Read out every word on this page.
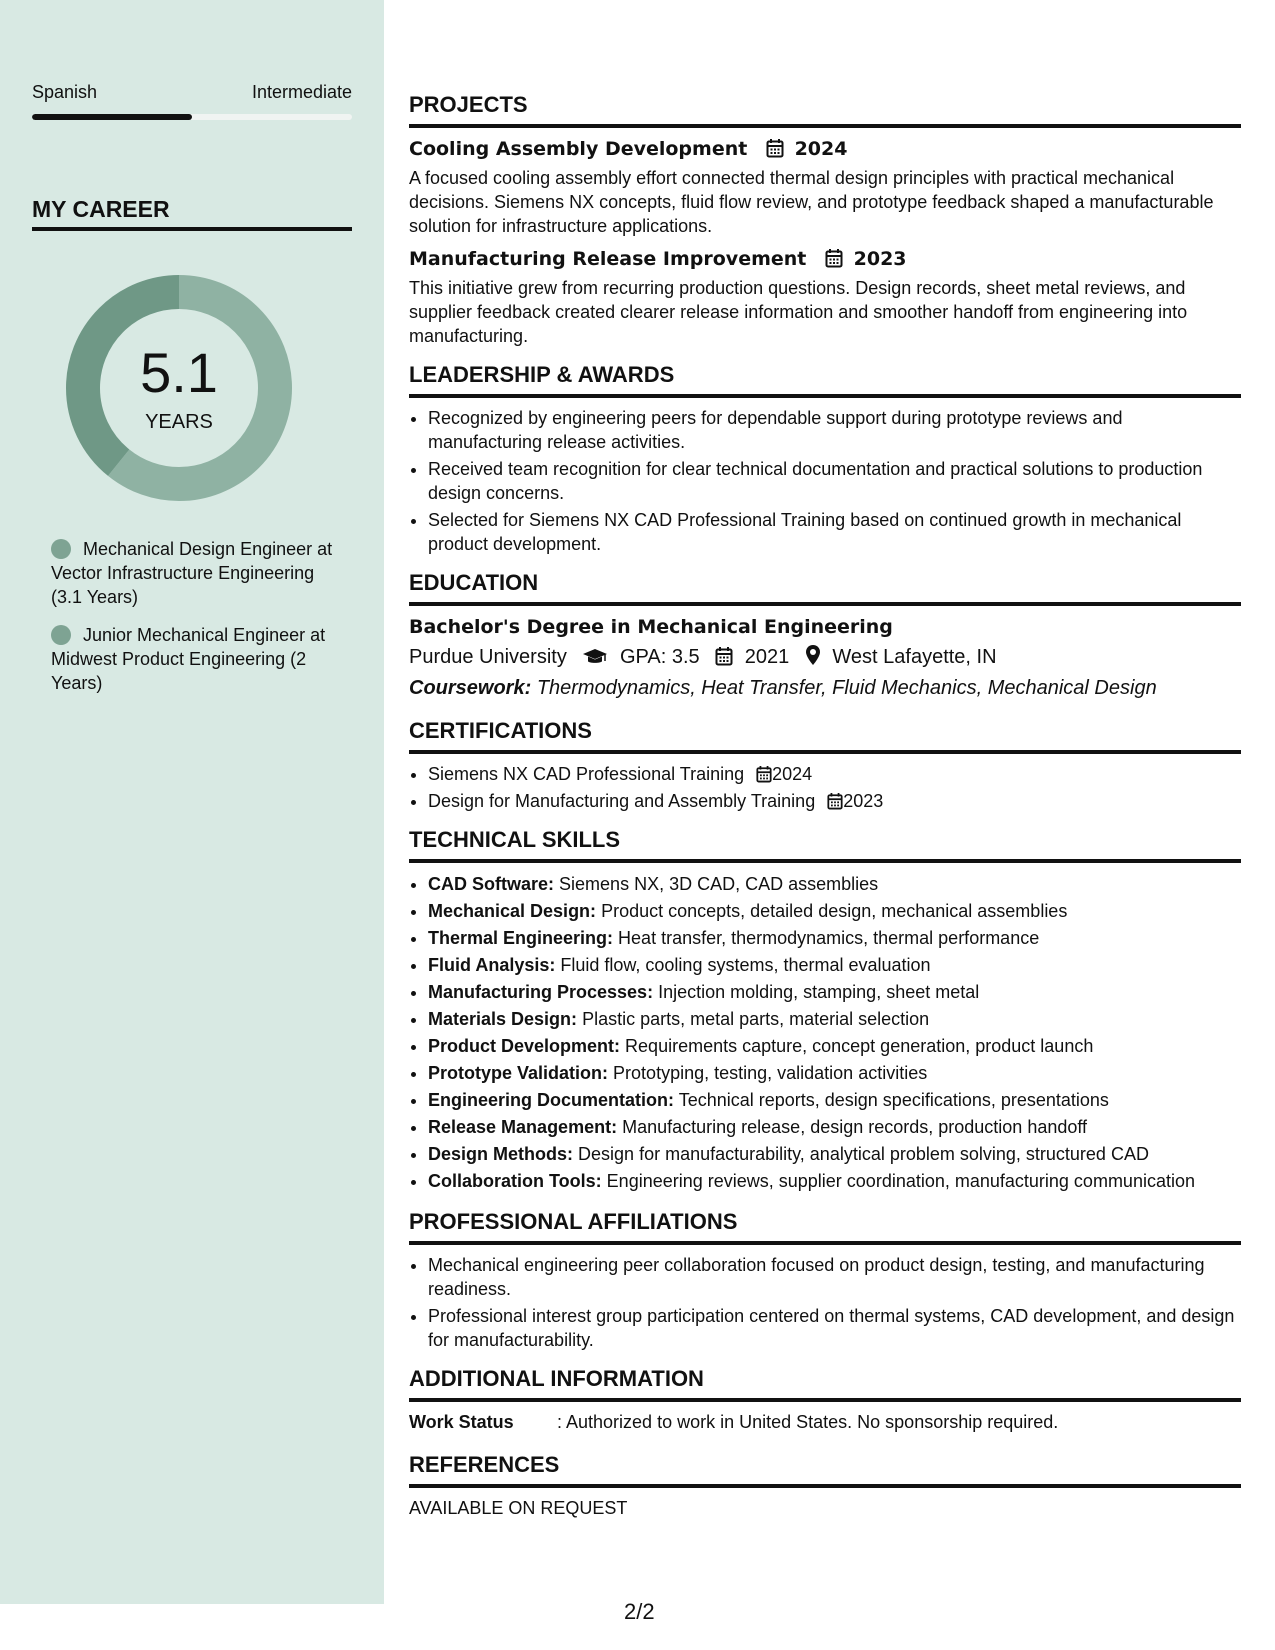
Spanish	Intermediate
MY CAREER
5.1
YEARS
Mechanical Design Engineer at Vector Infrastructure Engineering (3.1 Years)
Junior Mechanical Engineer at Midwest Product Engineering (2 Years)
PROJECTS
Cooling Assembly Development 2024

A focused cooling assembly effort connected thermal design principles with practical mechanical decisions. Siemens NX concepts, fluid flow review, and prototype feedback shaped a manufacturable solution for infrastructure applications.

Manufacturing Release Improvement 2023

This initiative grew from recurring production questions. Design records, sheet metal reviews, and supplier feedback created clearer release information and smoother handoff from engineering into manufacturing.

LEADERSHIP & AWARDS
• Recognized by engineering peers for dependable support during prototype reviews and manufacturing release activities.
• Received team recognition for clear technical documentation and practical solutions to production design concerns.
• Selected for Siemens NX CAD Professional Training based on continued growth in mechanical product development.
EDUCATION
Bachelor's Degree in Mechanical Engineering
Purdue University	GPA: 3.5 2021 West Lafayette, IN
Coursework: Thermodynamics, Heat Transfer, Fluid Mechanics, Mechanical Design
CERTIFICATIONS
• Siemens NX CAD Professional Training 2024
• Design for Manufacturing and Assembly Training 2023
TECHNICAL SKILLS
• CAD Software: Siemens NX, 3D CAD, CAD assemblies
• Mechanical Design: Product concepts, detailed design, mechanical assemblies
• Thermal Engineering: Heat transfer, thermodynamics, thermal performance
• Fluid Analysis: Fluid flow, cooling systems, thermal evaluation
• Manufacturing Processes: Injection molding, stamping, sheet metal
• Materials Design: Plastic parts, metal parts, material selection
• Product Development: Requirements capture, concept generation, product launch
• Prototype Validation: Prototyping, testing, validation activities
• Engineering Documentation: Technical reports, design specifications, presentations
• Release Management: Manufacturing release, design records, production handoff
• Design Methods: Design for manufacturability, analytical problem solving, structured CAD
• Collaboration Tools: Engineering reviews, supplier coordination, manufacturing communication
PROFESSIONAL AFFILIATIONS
• Mechanical engineering peer collaboration focused on product design, testing, and manufacturing readiness.
• Professional interest group participation centered on thermal systems, CAD development, and design for manufacturability.
ADDITIONAL INFORMATION
Work Status : Authorized to work in United States. No sponsorship required.
REFERENCES
AVAILABLE ON REQUEST
2/2
